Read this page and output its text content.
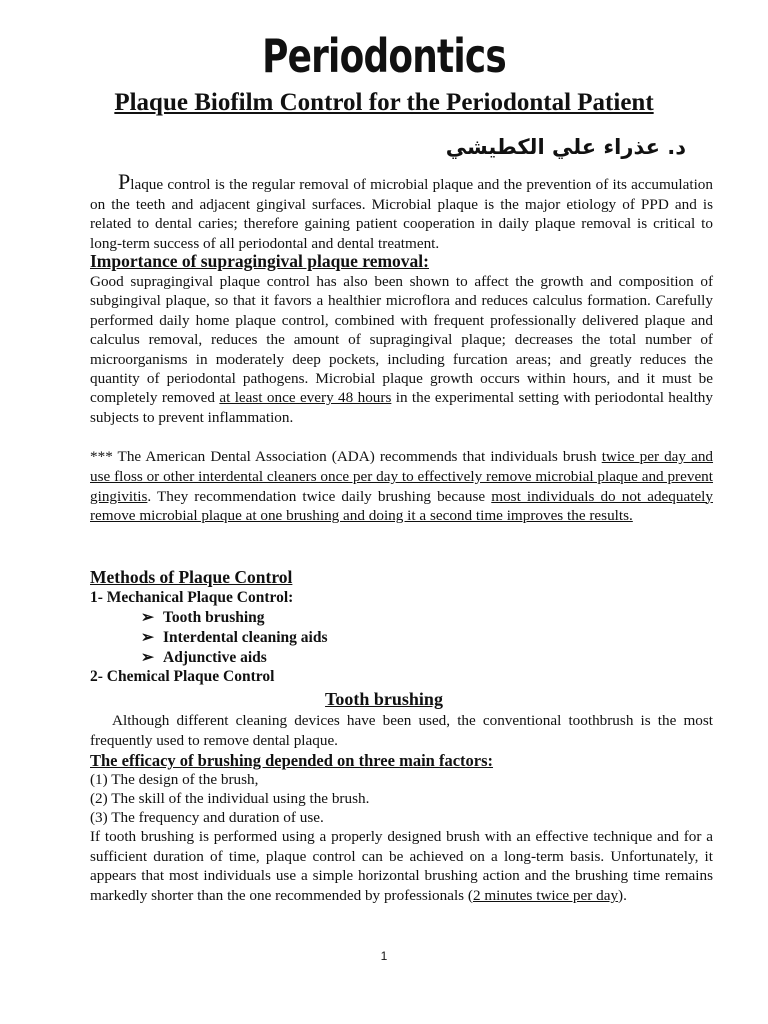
Periodontics
Plaque Biofilm Control for the Periodontal Patient
د. عذراء علي الكطيشي
Plaque control is the regular removal of microbial plaque and the prevention of its accumulation on the teeth and adjacent gingival surfaces. Microbial plaque is the major etiology of PPD and is related to dental caries; therefore gaining patient cooperation in daily plaque removal is critical to long-term success of all periodontal and dental treatment.
Importance of supragingival plaque removal:
Good supragingival plaque control has also been shown to affect the growth and composition of subgingival plaque, so that it favors a healthier microflora and reduces calculus formation. Carefully performed daily home plaque control, combined with frequent professionally delivered plaque and calculus removal, reduces the amount of supragingival plaque; decreases the total number of microorganisms in moderately deep pockets, including furcation areas; and greatly reduces the quantity of periodontal pathogens. Microbial plaque growth occurs within hours, and it must be completely removed at least once every 48 hours in the experimental setting with periodontal healthy subjects to prevent inflammation.
*** The American Dental Association (ADA) recommends that individuals brush twice per day and use floss or other interdental cleaners once per day to effectively remove microbial plaque and prevent gingivitis. They recommendation twice daily brushing because most individuals do not adequately remove microbial plaque at one brushing and doing it a second time improves the results.
Methods of Plaque Control
1- Mechanical Plaque Control:
➢ Tooth brushing
➢ Interdental cleaning aids
➢ Adjunctive aids
2- Chemical Plaque Control
Tooth brushing
Although different cleaning devices have been used, the conventional toothbrush is the most frequently used to remove dental plaque.
The efficacy of brushing depended on three main factors:
(1) The design of the brush,
(2) The skill of the individual using the brush.
(3) The frequency and duration of use.
If tooth brushing is performed using a properly designed brush with an effective technique and for a sufficient duration of time, plaque control can be achieved on a long-term basis. Unfortunately, it appears that most individuals use a simple horizontal brushing action and the brushing time remains markedly shorter than the one recommended by professionals (2 minutes twice per day).
1
